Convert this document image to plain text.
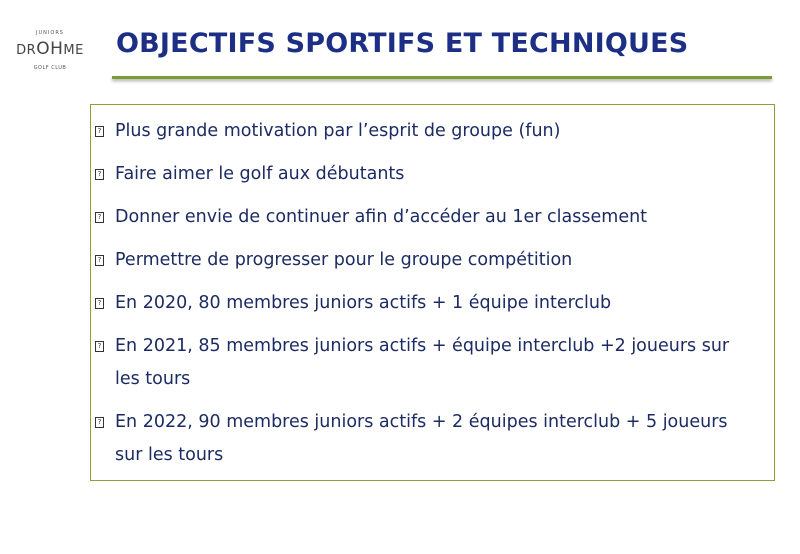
JUNIORS
DROHME
GOLF CLUB
OBJECTIFS SPORTIFS ET TECHNIQUES
? Plus grande motivation par l’esprit de groupe (fun)
? Faire aimer le golf aux débutants
? Donner envie de continuer afin d’accéder au 1er classement
? Permettre de progresser pour le groupe compétition
? En 2020, 80 membres juniors actifs + 1 équipe interclub
? En 2021, 85 membres juniors actifs + équipe interclub +2 joueurs sur les tours
? En 2022, 90 membres juniors actifs + 2 équipes interclub + 5 joueurs sur les tours
